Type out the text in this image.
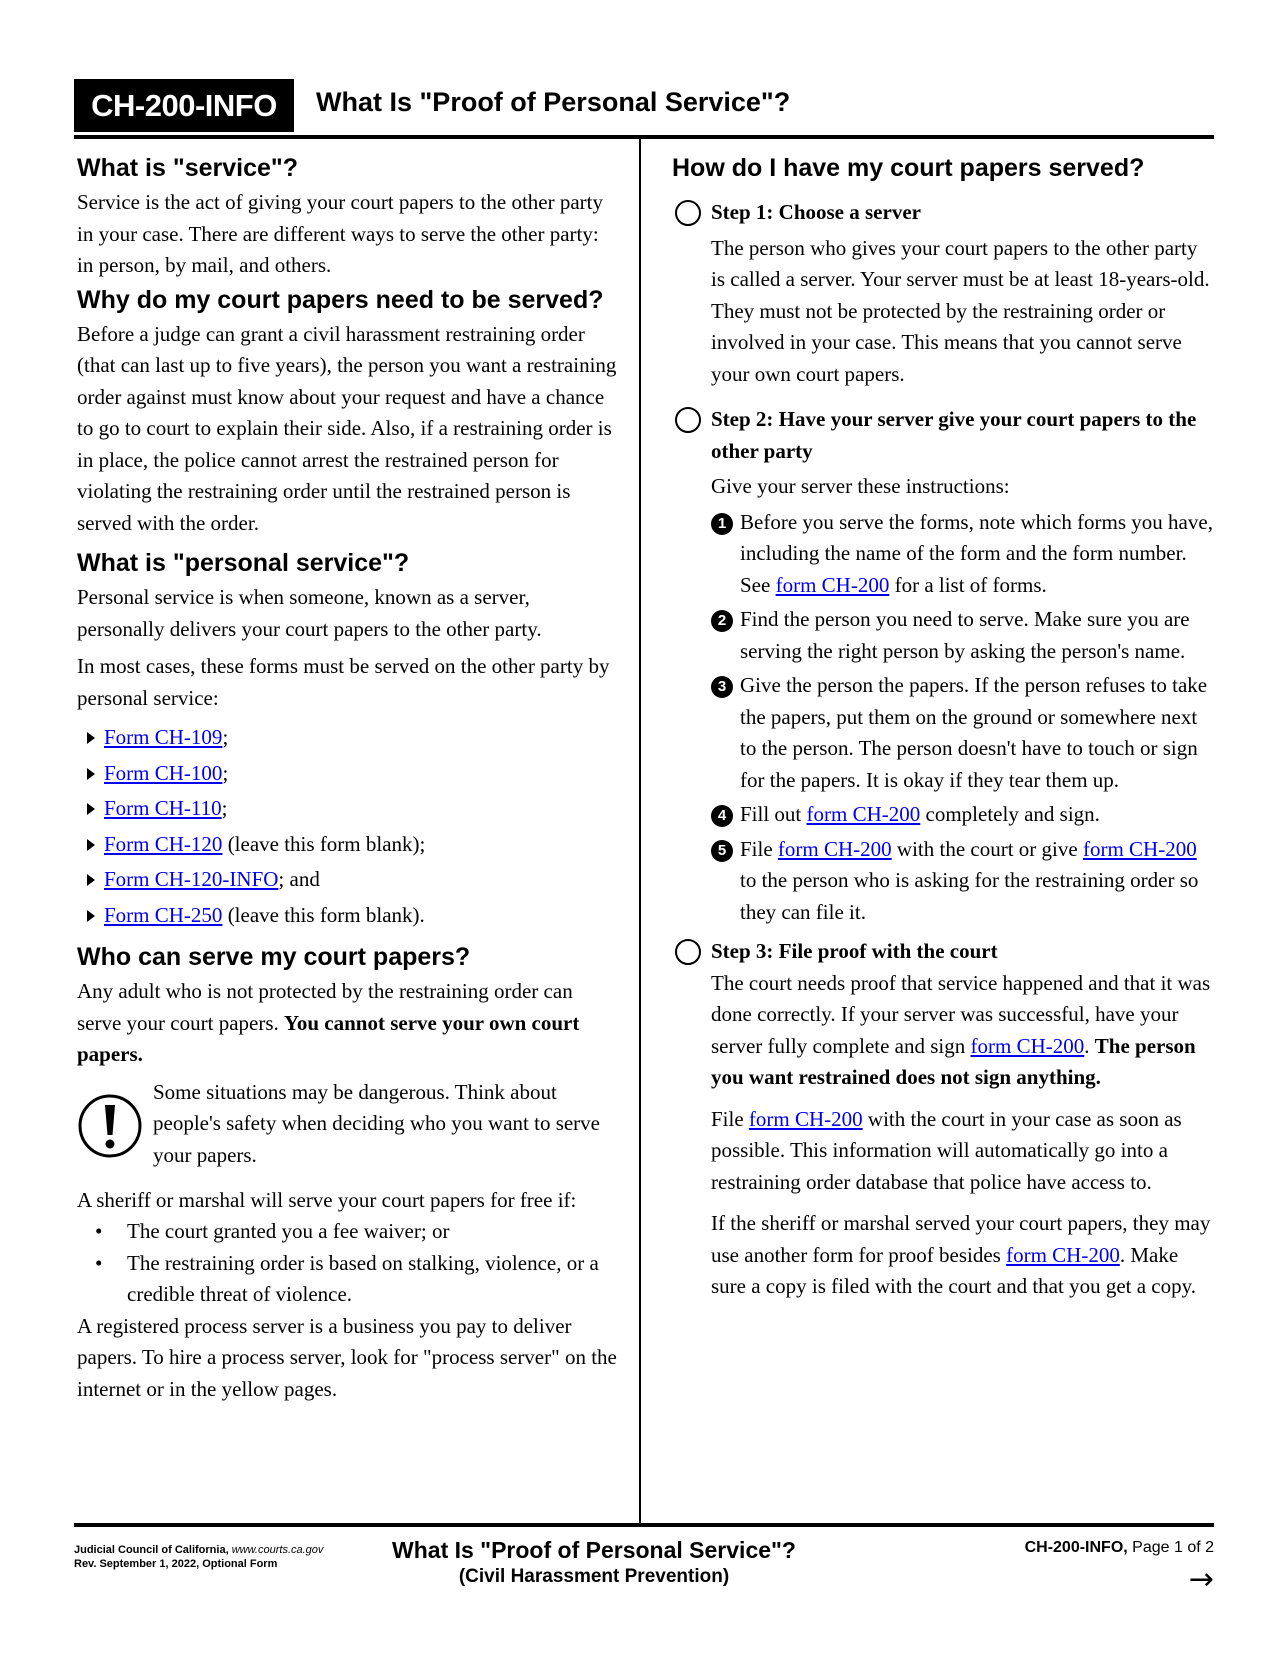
CH-200-INFO	What Is "Proof of Personal Service"?
What is "service"?

Service is the act of giving your court papers to the other party in your case. There are different ways to serve the other party: in person, by mail, and others.

Why do my court papers need to be served?

Before a judge can grant a civil harassment restraining order (that can last up to five years), the person you want a restraining order against must know about your request and have a chance to go to court to explain their side. Also, if a restraining order is in place, the police cannot arrest the restrained person for violating the restraining order until the restrained person is served with the order.

What is "personal service"?

Personal service is when someone, known as a server, personally delivers your court papers to the other party.

In most cases, these forms must be served on the other party by personal service:

Form CH-109;
Form CH-100;
Form CH-110;
Form CH-120 (leave this form blank);
Form CH-120-INFO; and
Form CH-250 (leave this form blank).
Who can serve my court papers?

Any adult who is not protected by the restraining order can serve your court papers. You cannot serve your own court papers.

Some situations may be dangerous. Think about people's safety when deciding who you want to serve your papers.

A sheriff or marshal will serve your court papers for free if:

• The court granted you a fee waiver; or
• The restraining order is based on stalking, violence, or a credible threat of violence.

A registered process server is a business you pay to deliver papers. To hire a process server, look for "process server" on the internet or in the yellow pages.

How do I have my court papers served?
Step 1: Choose a server

The person who gives your court papers to the other party is called a server. Your server must be at least 18-years-old. They must not be protected by the restraining order or involved in your case. This means that you cannot serve your own court papers.

Step 2: Have your server give your court papers to the other party

Give your server these instructions:

1 Before you serve the forms, note which forms you have, including the name of the form and the form number. See form CH-200 for a list of forms.
2 Find the person you need to serve. Make sure you are serving the right person by asking the person's name.
3 Give the person the papers. If the person refuses to take the papers, put them on the ground or somewhere next to the person. The person doesn't have to touch or sign for the papers. It is okay if they tear them up.
4 Fill out form CH-200 completely and sign.
5 File form CH-200 with the court or give form CH-200 to the person who is asking for the restraining order so they can file it.
Step 3: File proof with the court

The court needs proof that service happened and that it was done correctly. If your server was successful, have your server fully complete and sign form CH-200. The person you want restrained does not sign anything.

File form CH-200 with the court in your case as soon as possible. This information will automatically go into a restraining order database that police have access to.

If the sheriff or marshal served your court papers, they may use another form for proof besides form CH-200. Make sure a copy is filed with the court and that you get a copy.

Judicial Council of California, www.courts.ca.gov
Rev. September 1, 2022, Optional Form
What Is "Proof of Personal Service"?
(Civil Harassment Prevention)
CH-200-INFO, Page 1 of 2
→
